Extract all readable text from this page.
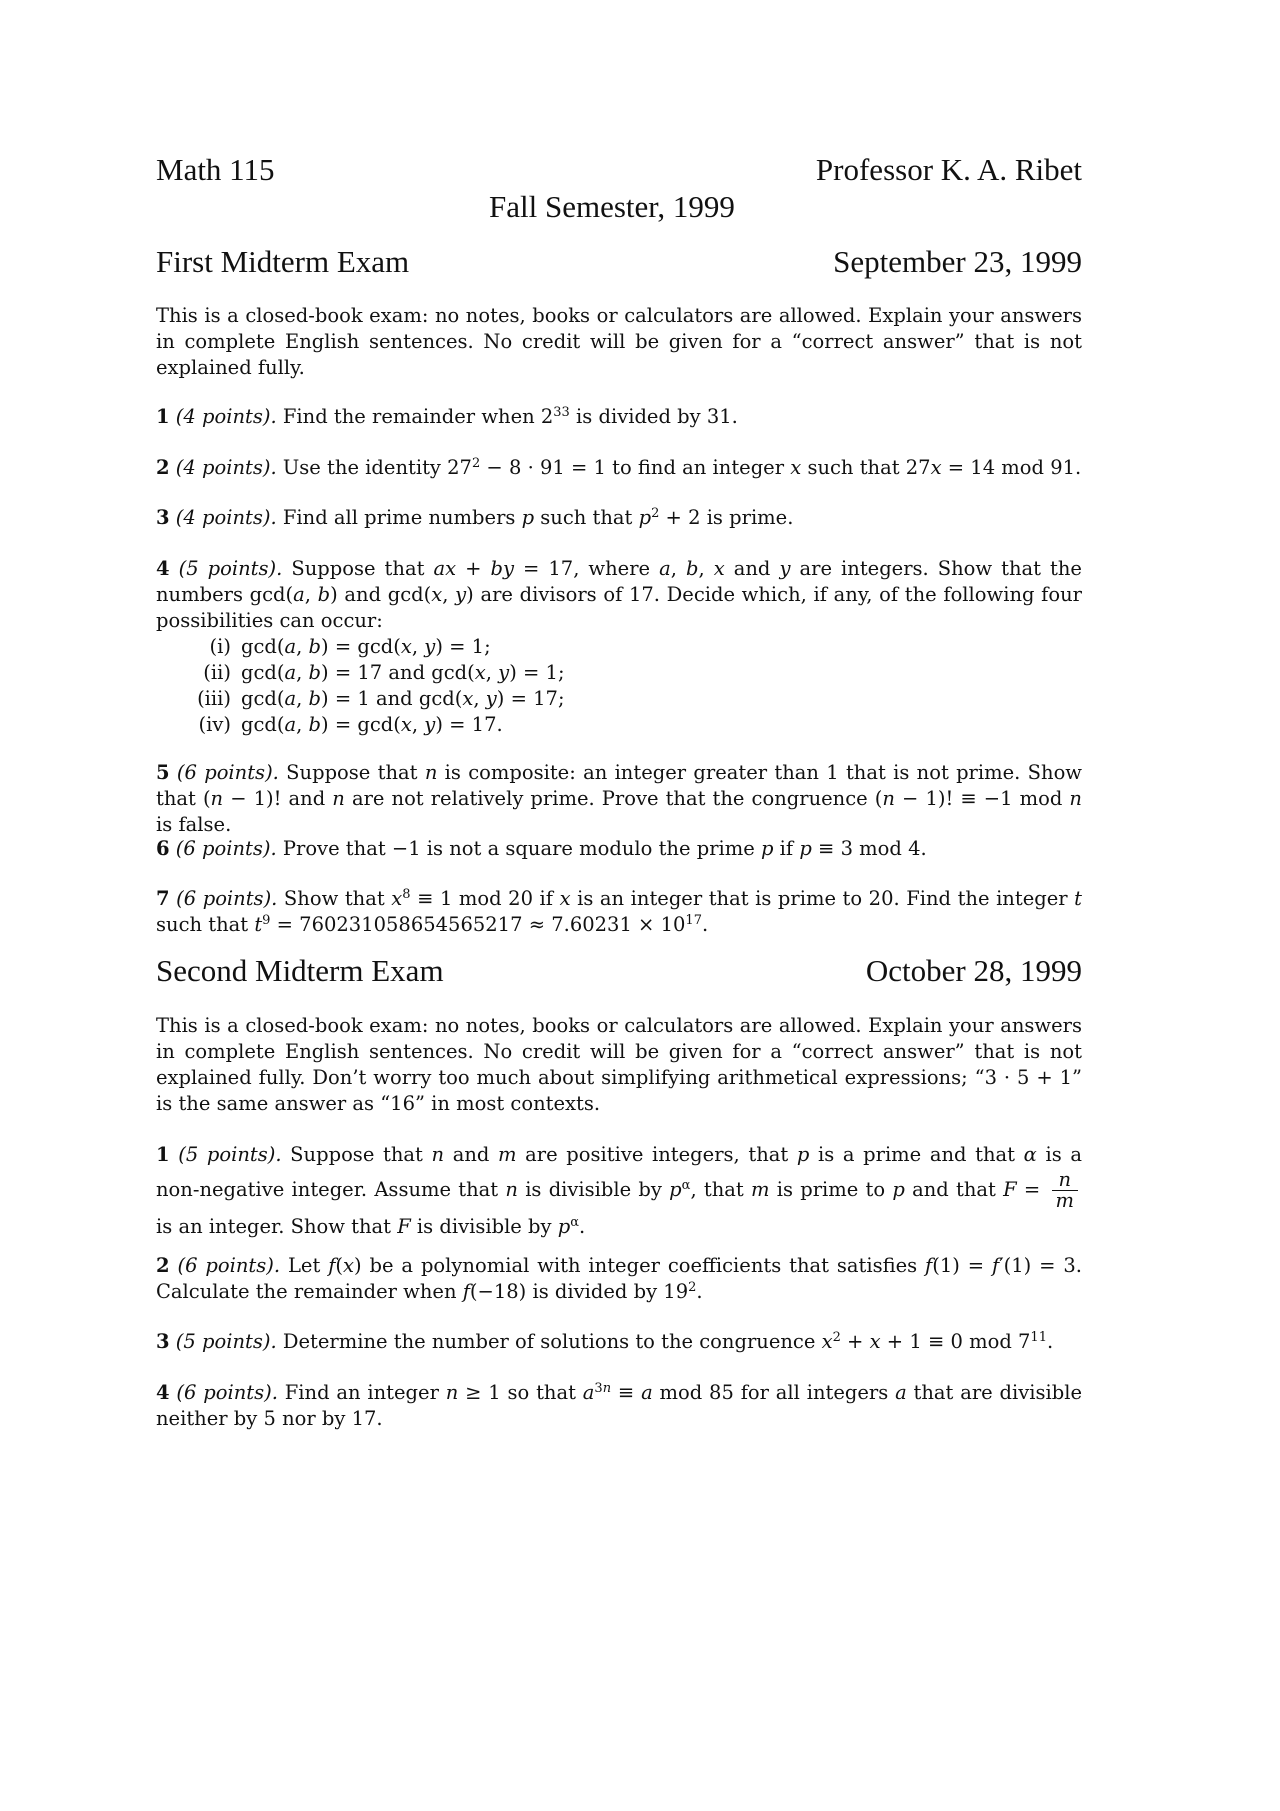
Math 115	Professor K. A. Ribet
Fall Semester, 1999
First Midterm Exam	September 23, 1999
This is a closed-book exam: no notes, books or calculators are allowed. Explain your answers in complete English sentences. No credit will be given for a “correct answer” that is not explained fully.
1 (4 points). Find the remainder when $2^{33}$ is divided by 31.
2 (4 points). Use the identity $27^2 - 8 \cdot 91 = 1$ to find an integer x such that 27x = 14 mod 91.
3 (4 points). Find all prime numbers p such that $p^2 + 2$ is prime.
4 (5 points). Suppose that ax + by = 17, where a, b, x and y are integers. Show that the numbers gcd(a, b) and gcd(x, y) are divisors of 17. Decide which, if any, of the following four possibilities can occur:
(i) gcd(a, b) = gcd(x, y) = 1;
(ii) gcd(a, b) = 17 and gcd(x, y) = 1;
(iii) gcd(a, b) = 1 and gcd(x, y) = 17;
(iv) gcd(a, b) = gcd(x, y) = 17.
5 (6 points). Suppose that n is composite: an integer greater than 1 that is not prime. Show that (n − 1)! and n are not relatively prime. Prove that the congruence (n − 1)! ≡ −1 mod n is false.
6 (6 points). Prove that −1 is not a square modulo the prime p if p ≡ 3 mod 4.
7 (6 points). Show that $x^8 \equiv 1$ mod 20 if x is an integer that is prime to 20. Find the integer t such that $t^9 = 760231058654565217 \approx 7.60231 \times 10^{17}$.
Second Midterm Exam	October 28, 1999
This is a closed-book exam: no notes, books or calculators are allowed. Explain your answers in complete English sentences. No credit will be given for a “correct answer” that is not explained fully. Don’t worry too much about simplifying arithmetical expressions; “3 · 5 + 1” is the same answer as “16” in most contexts.
1 (5 points). Suppose that n and m are positive integers, that p is a prime and that α is a non-negative integer. Assume that n is divisible by $p^\alpha$, that m is prime to p and that $F = \frac{n}{m}$
is an integer. Show that F is divisible by $p^\alpha$.
2 (6 points). Let f(x) be a polynomial with integer coefficients that satisfies f(1) = f′(1) = 3. Calculate the remainder when f(−18) is divided by $19^2$.
3 (5 points). Determine the number of solutions to the congruence $x^2 + x + 1 \equiv 0$ mod $7^{11}$.
4 (6 points). Find an integer n ≥ 1 so that $a^{3n} \equiv a$ mod 85 for all integers a that are divisible neither by 5 nor by 17.
